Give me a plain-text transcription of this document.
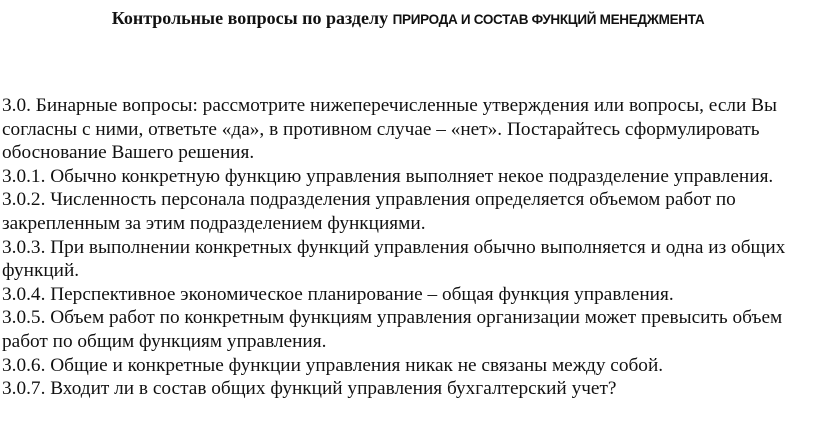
Контрольные вопросы по разделу ПРИРОДА И СОСТАВ ФУНКЦИЙ МЕНЕДЖМЕНТА

3.0. Бинарные вопросы: рассмотрите нижеперечисленные утверждения или вопросы, если Вы согласны с ними, ответьте «да», в противном случае – «нет». Постарайтесь сформулировать обоснование Вашего решения.

3.0.1. Обычно конкретную функцию управления выполняет некое подразделение управления.

3.0.2. Численность персонала подразделения управления определяется объемом работ по закрепленным за этим подразделением функциями.

3.0.3. При выполнении конкретных функций управления обычно выполняется и одна из общих функций.

3.0.4. Перспективное экономическое планирование – общая функция управления.

3.0.5. Объем работ по конкретным функциям управления организации может превысить объем работ по общим функциям управления.

3.0.6. Общие и конкретные функции управления никак не связаны между собой.

3.0.7. Входит ли в состав общих функций управления бухгалтерский учет?
